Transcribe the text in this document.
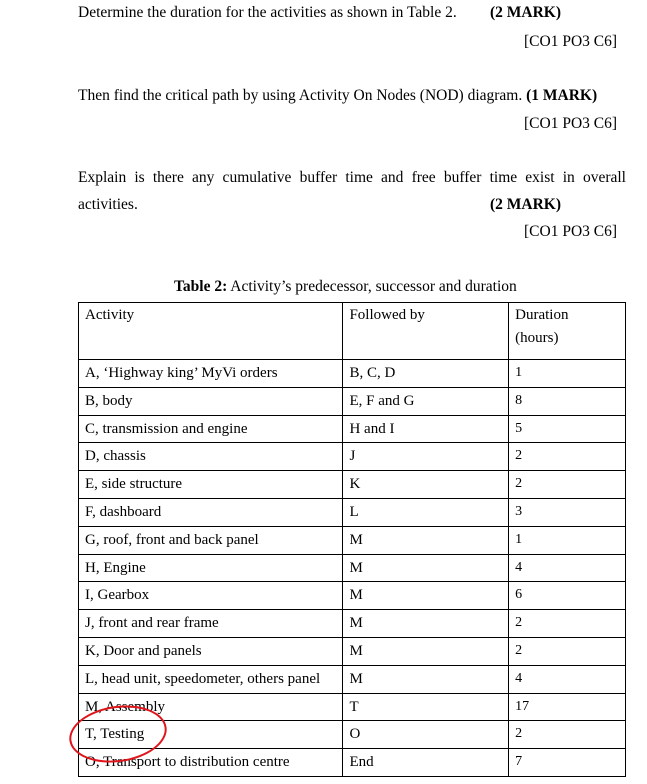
Determine the duration for the activities as shown in Table 2. (2 MARK)
[CO1 PO3 C6]
Then find the critical path by using Activity On Nodes (NOD) diagram. (1 MARK)
[CO1 PO3 C6]
Explain is there any cumulative buffer time and free buffer time exist in overall
activities.	(2 MARK)
[CO1 PO3 C6]
Table 2: Activity’s predecessor, successor and duration
Activity	Followed by	Duration
(hours)

A, ‘Highway king’ MyVi orders	B, C, D	1
B, body	E, F and G	8
C, transmission and engine	H and I	5
D, chassis	J	2
E, side structure	K	2
F, dashboard	L	3
G, roof, front and back panel	M	1
H, Engine	M	4
I, Gearbox	M	6
J, front and rear frame	M	2
K, Door and panels	M	2
L, head unit, speedometer, others panel	M	4
M, Assembly	T	17
T, Testing	O	2
O, Transport to distribution centre	End	7
